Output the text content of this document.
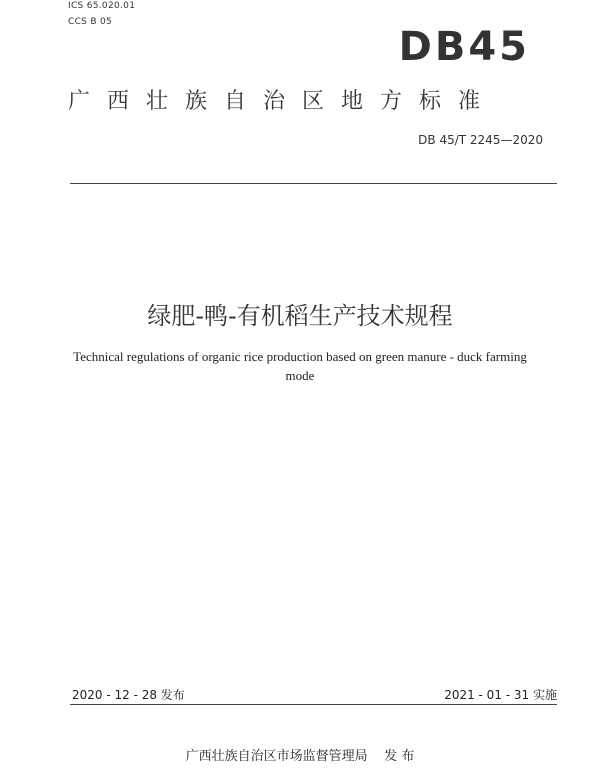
ICS 65.020.01
CCS B 05
DB45
广西壮族自治区地方标准
DB 45/T 2245—2020
绿肥-鸭-有机稻生产技术规程
Technical regulations of organic rice production based on green manure - duck farming mode
2020 - 12 - 28 发布	2021 - 01 - 31 实施
广西壮族自治区市场监督管理局    发 布
